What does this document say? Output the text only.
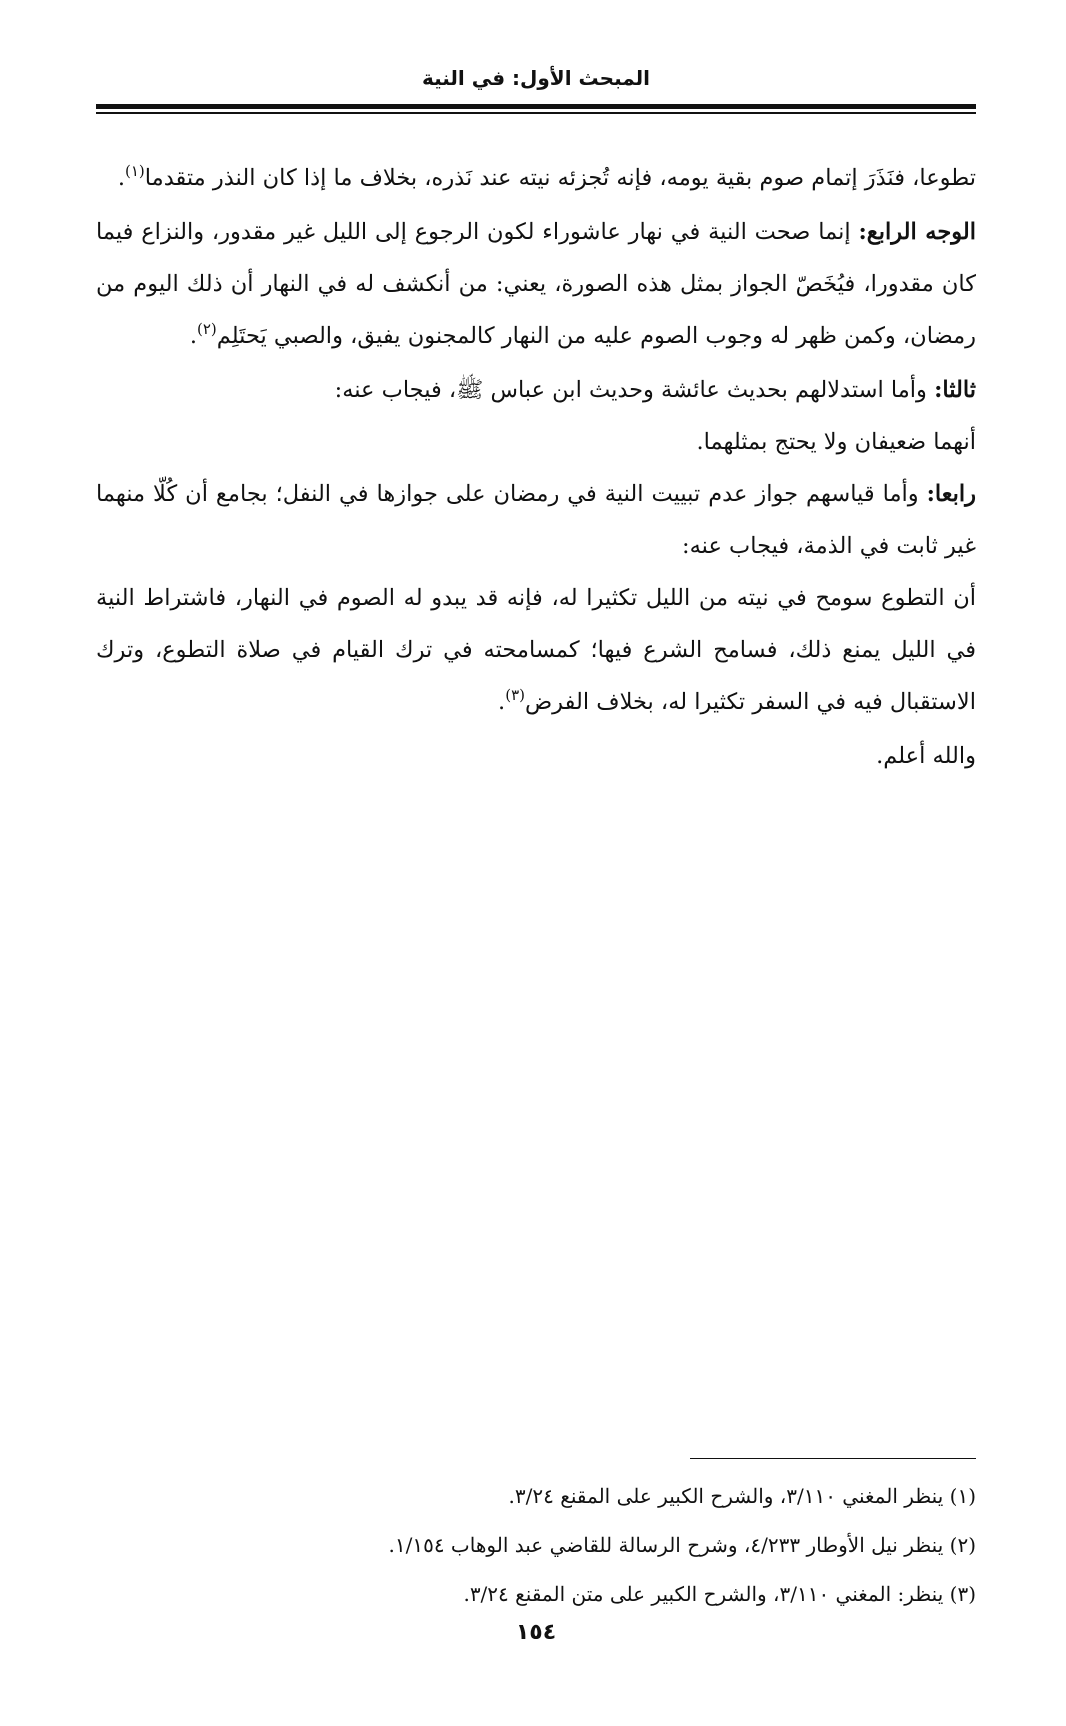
المبحث الأول: في النية

تطوعا، فنَذَرَ إتمام صوم بقية يومه، فإنه تُجزئه نيته عند نَذره، بخلاف ما إذا كان النذر متقدما$^{(١)}$.

الوجه الرابع: إنما صحت النية في نهار عاشوراء لكون الرجوع إلى الليل غير مقدور، والنزاع فيما كان مقدورا، فيُخَصّ الجواز بمثل هذه الصورة، يعني: من أنكشف له في النهار أن ذلك اليوم من رمضان، وكمن ظهر له وجوب الصوم عليه من النهار كالمجنون يفيق، والصبي يَحتَلِم$^{(٢)}$.

ثالثا: وأما استدلالهم بحديث عائشة وحديث ابن عباس ﷺ، فيجاب عنه:

أنهما ضعيفان ولا يحتج بمثلهما.

رابعا: وأما قياسهم جواز عدم تبييت النية في رمضان على جوازها في النفل؛ بجامع أن كُلّا منهما غير ثابت في الذمة، فيجاب عنه:

أن التطوع سومح في نيته من الليل تكثيرا له، فإنه قد يبدو له الصوم في النهار، فاشتراط النية في الليل يمنع ذلك، فسامح الشرع فيها؛ كمسامحته في ترك القيام في صلاة التطوع، وترك الاستقبال فيه في السفر تكثيرا له، بخلاف الفرض$^{(٣)}$.

والله أعلم.

(١) ينظر المغني ٣/١١٠، والشرح الكبير على المقنع ٣/٢٤.

(٢) ينظر نيل الأوطار ٤/٢٣٣، وشرح الرسالة للقاضي عبد الوهاب ١/١٥٤.

(٣) ينظر: المغني ٣/١١٠، والشرح الكبير على متن المقنع ٣/٢٤.

١٥٤
